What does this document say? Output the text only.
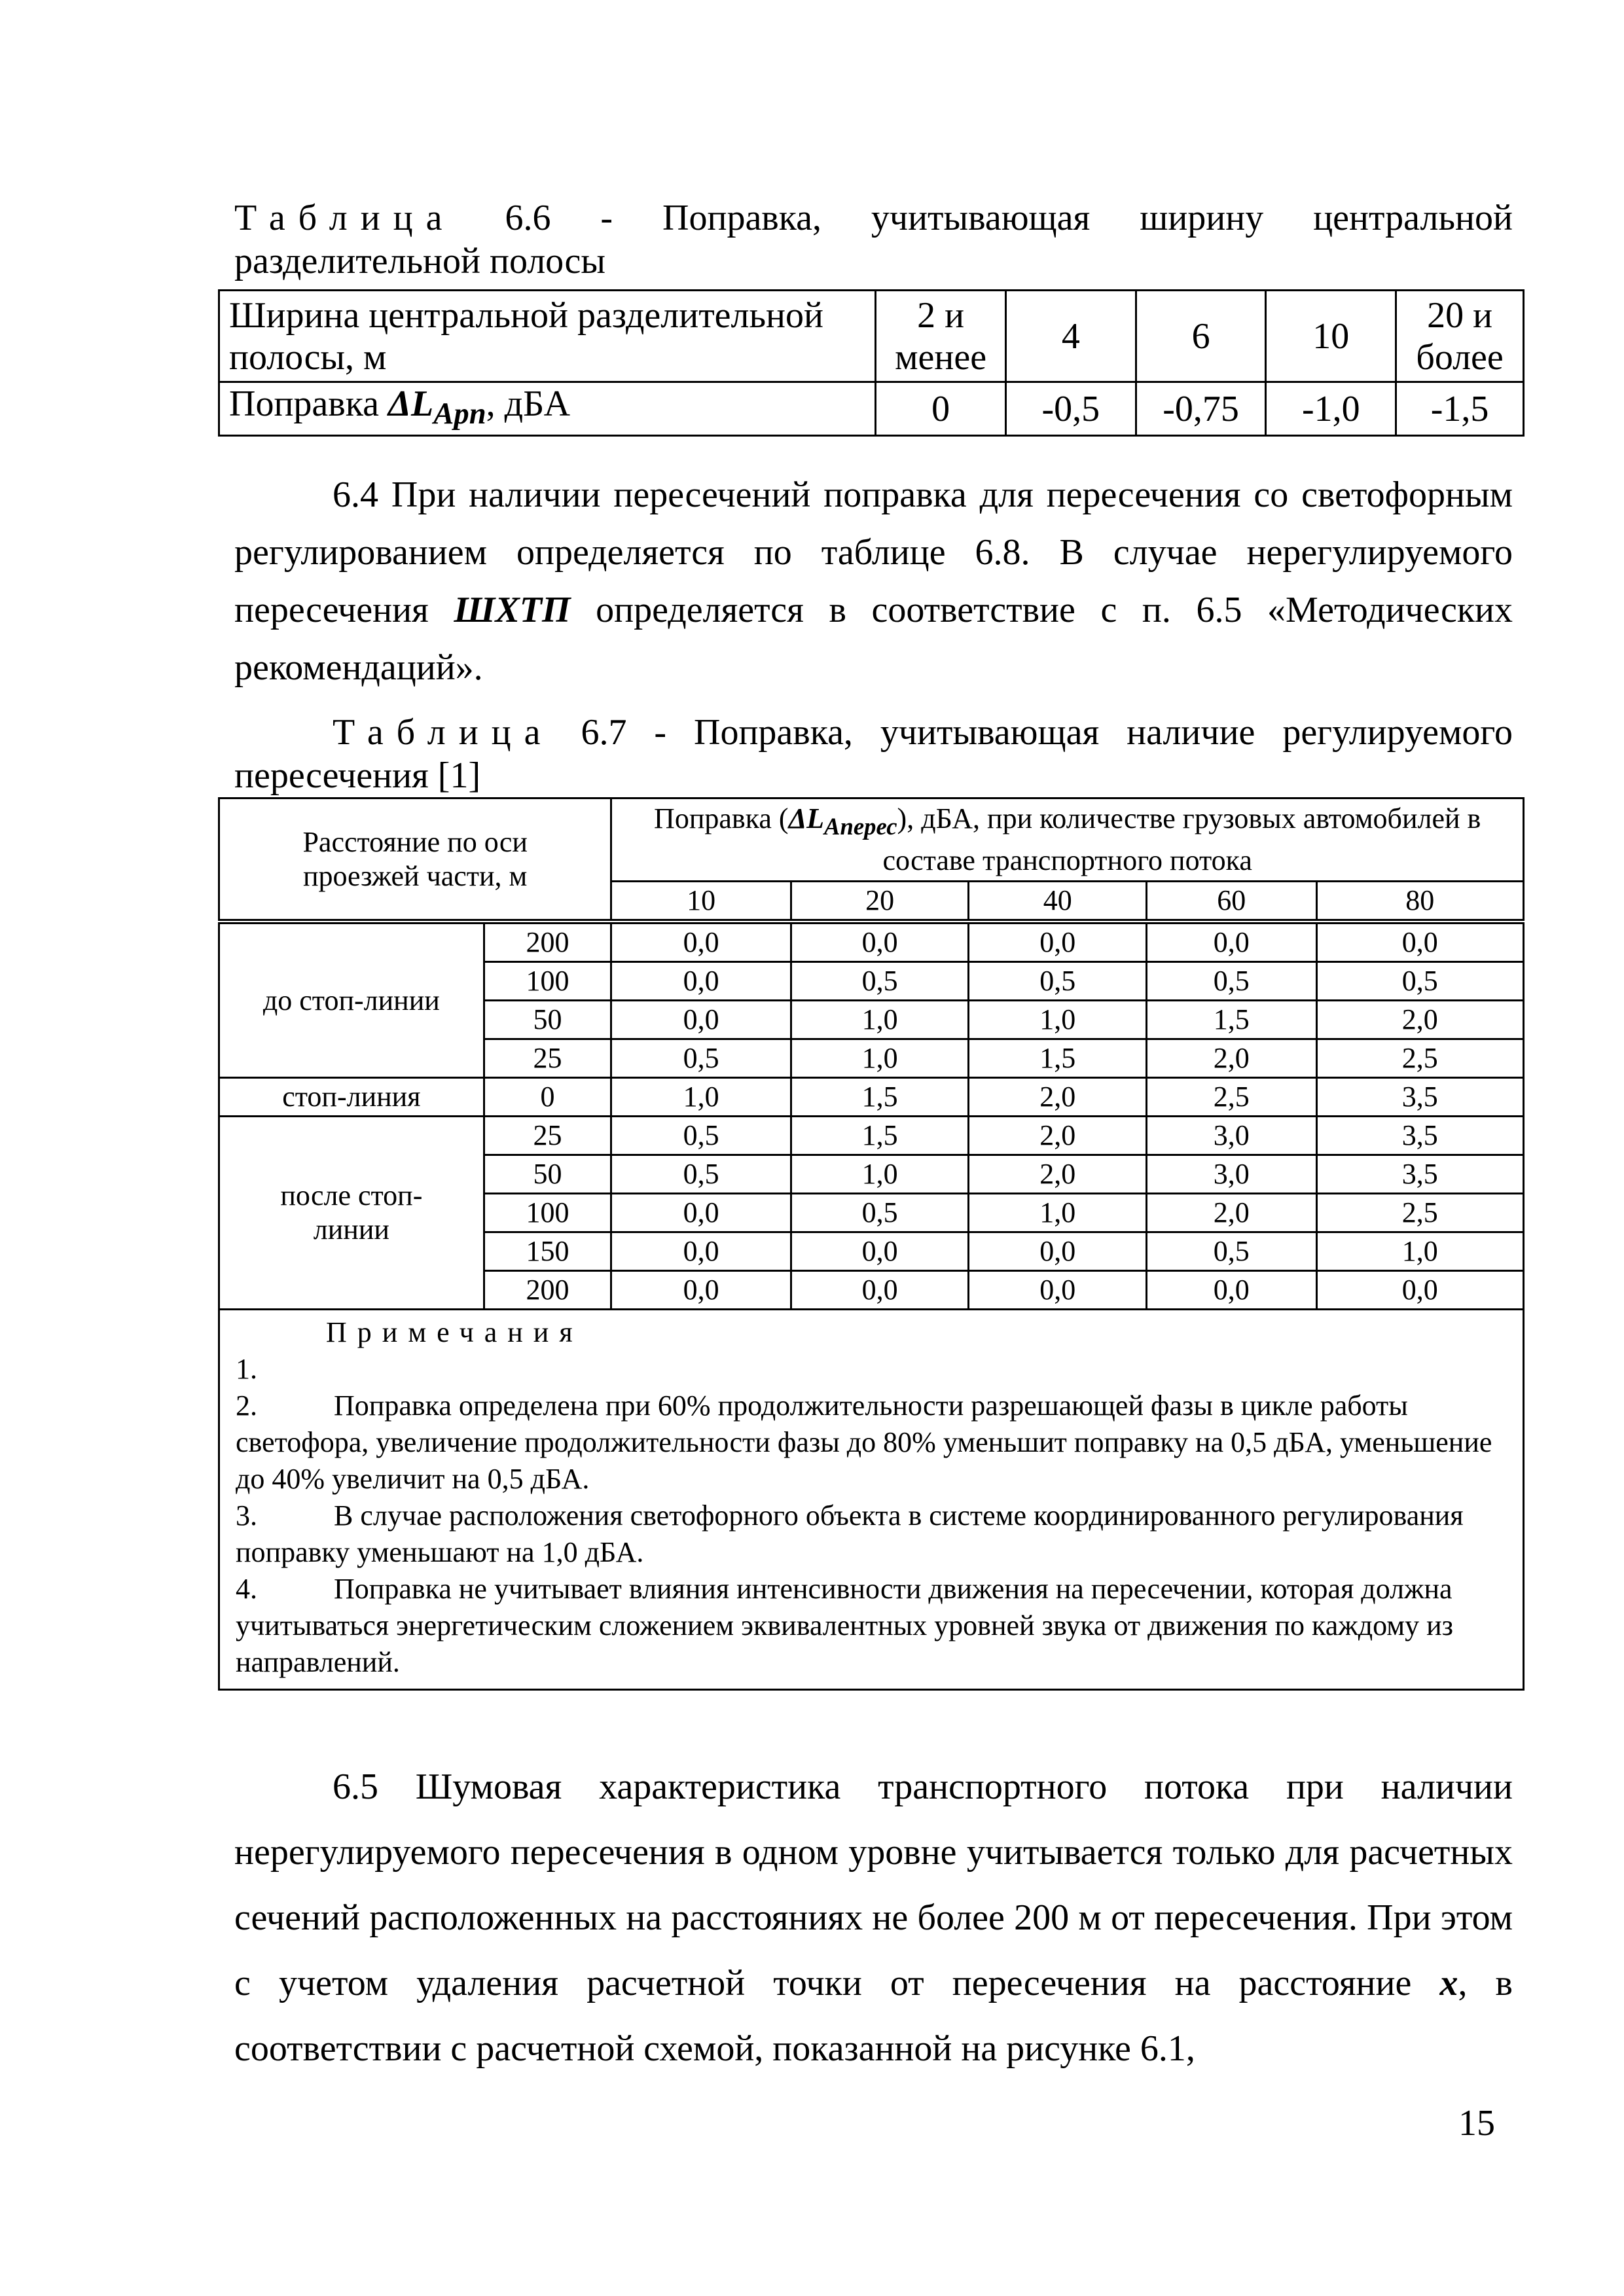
Таблица 6.6 - Поправка, учитывающая ширину центральной
разделительной полосы
Ширина центральной разделительной полосы, м	2 и менее	4	6	10	20 и более
Поправка $\Delta L_{Арп}$, дБА	0	-0,5	-0,75	-1,0	-1,5
6.4 При наличии пересечений поправка для пересечения со светофорным регулированием определяется по таблице 6.8. В случае нерегулируемого пересечения ШХТП определяется в соответствие с п. 6.5 «Методических рекомендаций».
Таблица 6.7 - Поправка, учитывающая наличие регулируемого
пересечения [1]
Расстояние по оси проезжей части, м		Поправка $(\Delta L_{Аперес})$, дБА, при количестве грузовых автомобилей в составе транспортного потока				
		10	20	40	60	80
до стоп-линии	200	0,0	0,0	0,0	0,0	0,0
	100	0,0	0,5	0,5	0,5	0,5
	50	0,0	1,0	1,0	1,5	2,0
	25	0,5	1,0	1,5	2,0	2,5
стоп-линия	0	1,0	1,5	2,0	2,5	3,5
после стоп-линии	25	0,5	1,5	2,0	3,0	3,5
	50	0,5	1,0	2,0	3,0	3,5
	100	0,0	0,5	1,0	2,0	2,5
	150	0,0	0,0	0,0	0,5	1,0
	200	0,0	0,0	0,0	0,0	0,0

Примечания
1.
2. Поправка определена при 60% продолжительности разрешающей фазы в цикле работы светофора, увеличение продолжительности фазы до 80% уменьшит поправку на 0,5 дБА, уменьшение до 40% увеличит на 0,5 дБА.
3. В случае расположения светофорного объекта в системе координированного регулирования поправку уменьшают на 1,0 дБА.
4. Поправка не учитывает влияния интенсивности движения на пересечении, которая должна учитываться энергетическим сложением эквивалентных уровней звука от движения по каждому из направлений.						
6.5 Шумовая характеристика транспортного потока при наличии нерегулируемого пересечения в одном уровне учитывается только для расчетных сечений расположенных на расстояниях не более 200 м от пересечения. При этом с учетом удаления расчетной точки от пересечения на расстояние x, в соответствии с расчетной схемой, показанной на рисунке 6.1,
15
